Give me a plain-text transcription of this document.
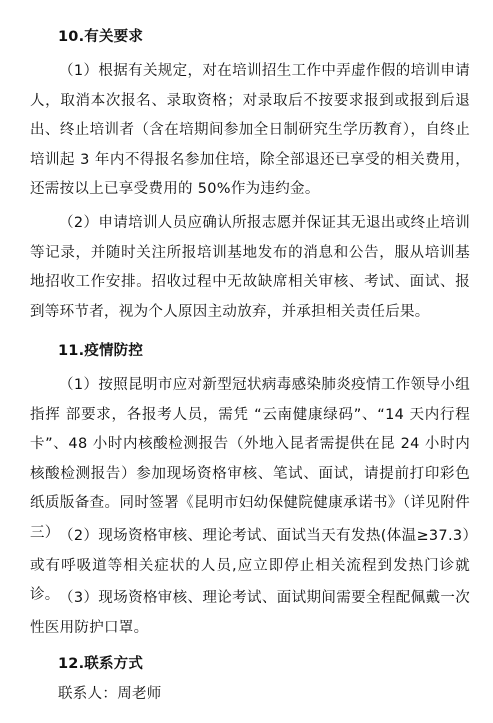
10.有关要求

（1）根据有关规定，对在培训招生工作中弄虚作假的培训申请人，取消本次报名、录取资格；对录取后不按要求报到或报到后退出、终止培训者（含在培期间参加全日制研究生学历教育），自终止培训起 3 年内不得报名参加住培，除全部退还已享受的相关费用，还需按以上已享受费用的 50%作为违约金。

（2）申请培训人员应确认所报志愿并保证其无退出或终止培训等记录，并随时关注所报培训基地发布的消息和公告，服从培训基地招收工作安排。招收过程中无故缺席相关审核、考试、面试、报到等环节者，视为个人原因主动放弃，并承担相关责任后果。

11.疫情防控

（1）按照昆明市应对新型冠状病毒感染肺炎疫情工作领导小组指挥 部要求，各报考人员，需凭 “云南健康绿码”、“14 天内行程卡”、48 小时内核酸检测报告（外地入昆者需提供在昆 24 小时内核酸检测报告）参加现场资格审核、笔试、面试，请提前打印彩色纸质版备查。同时签署《昆明市妇幼保健院健康承诺书》（详见附件三） （2）现场资格审核、理论考试、面试当天有发热(体温≥37.3）或有呼吸道等相关症状的人员,应立即停止相关流程到发热门诊就诊。 （3）现场资格审核、理论考试、面试期间需要全程配佩戴一次性医用防护口罩。

12.联系方式
联系人：周老师
